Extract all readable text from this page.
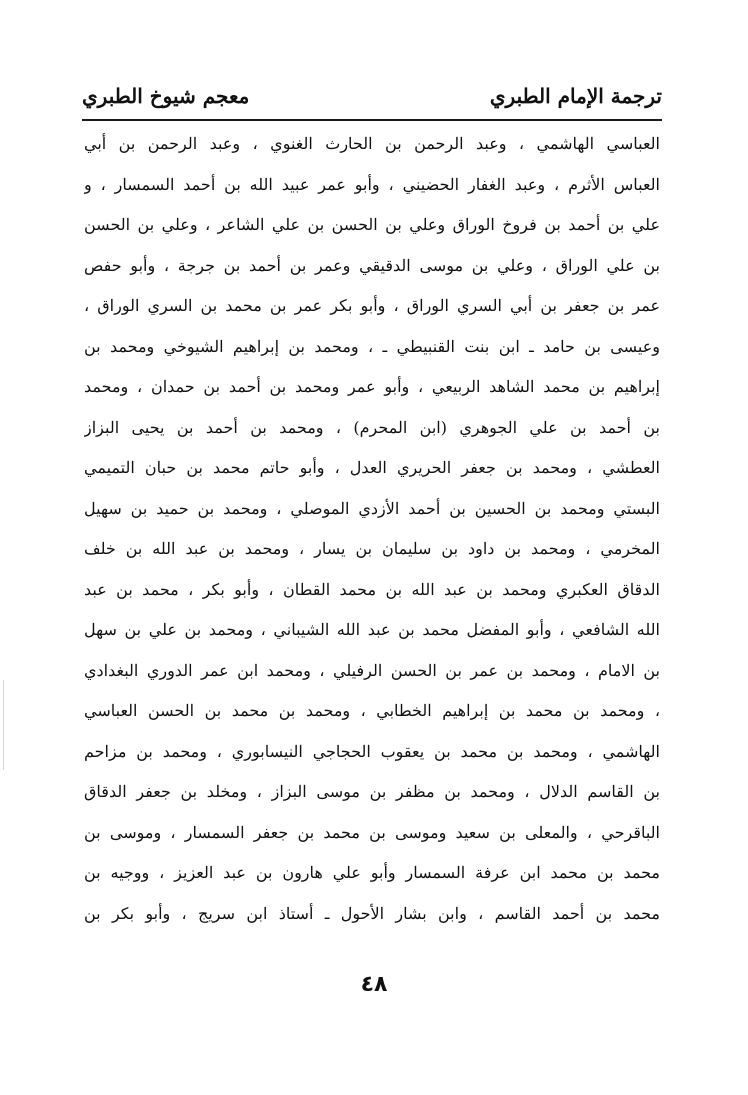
ترجمة الإمام الطبري
معجم شيوخ الطبري
العباسي الهاشمي ، وعبد الرحمن بن الحارث الغنوي ، وعبد الرحمن بن أبي
العباس الأثرم ، وعبد الغفار الحضيني ، وأبو عمر عبيد الله بن أحمد السمسار ، و
علي بن أحمد بن فروخ الوراق وعلي بن الحسن بن علي الشاعر ، وعلي بن الحسن
بن علي الوراق ، وعلي بن موسى الدقيقي وعمر بن أحمد بن جرجة ، وأبو حفص
عمر بن جعفر بن أبي السري الوراق ، وأبو بكر عمر بن محمد بن السري الوراق ،
وعيسى بن حامد ـ ابن بنت القنبيطي ـ ، ومحمد بن إبراهيم الشيوخي ومحمد بن
إبراهيم بن محمد الشاهد الربيعي ، وأبو عمر ومحمد بن أحمد بن حمدان ، ومحمد
بن أحمد بن علي الجوهري (ابن المحرم) ، ومحمد بن أحمد بن يحيى البزاز
العطشي ، ومحمد بن جعفر الحريري العدل ، وأبو حاتم محمد بن حبان التميمي
البستي ومحمد بن الحسين بن أحمد الأزدي الموصلي ، ومحمد بن حميد بن سهيل
المخرمي ، ومحمد بن داود بن سليمان بن يسار ، ومحمد بن عبد الله بن خلف
الدقاق العكبري ومحمد بن عبد الله بن محمد القطان ، وأبو بكر ، محمد بن عبد
الله الشافعي ، وأبو المفضل محمد بن عبد الله الشيباني ، ومحمد بن علي بن سهل
بن الامام ، ومحمد بن عمر بن الحسن الرفيلي ، ومحمد ابن عمر الدوري البغدادي
، ومحمد بن محمد بن إبراهيم الخطابي ، ومحمد بن محمد بن الحسن العباسي
الهاشمي ، ومحمد بن محمد بن يعقوب الحجاجي النيسابوري ، ومحمد بن مزاحم
بن القاسم الدلال ، ومحمد بن مظفر بن موسى البزاز ، ومخلد بن جعفر الدقاق
الباقرحي ، والمعلى بن سعيد وموسى بن محمد بن جعفر السمسار ، وموسى بن
محمد بن محمد ابن عرفة السمسار وأبو علي هارون بن عبد العزيز ، ووجيه بن
محمد بن أحمد القاسم ، وابن بشار الأحول ـ أستاذ ابن سريج ، وأبو بكر بن
٤٨
